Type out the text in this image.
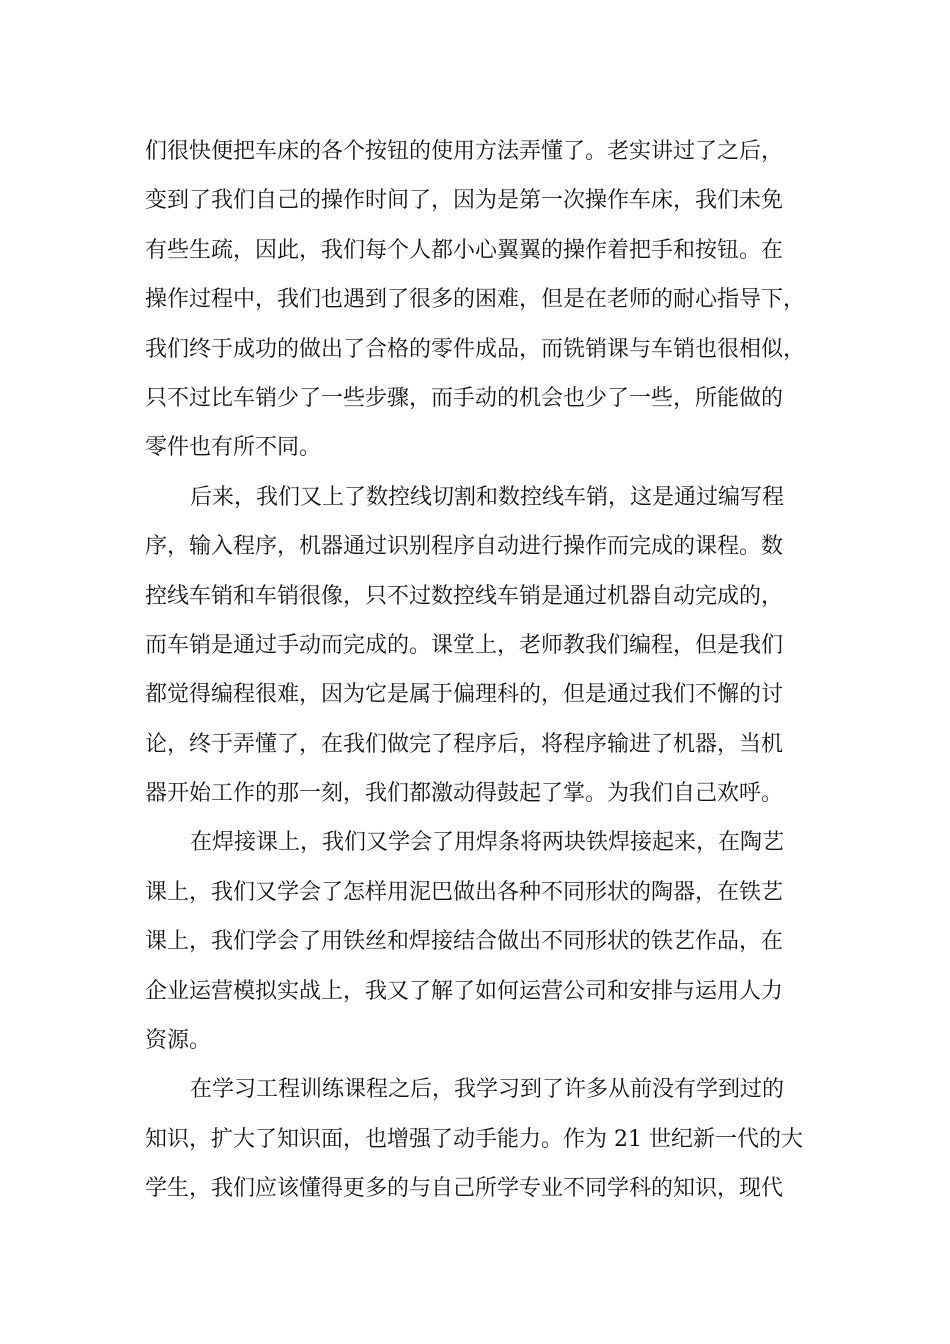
们很快便把车床的各个按钮的使用方法弄懂了。老实讲过了之后，
变到了我们自己的操作时间了，因为是第一次操作车床，我们未免
有些生疏，因此，我们每个人都小心翼翼的操作着把手和按钮。在
操作过程中，我们也遇到了很多的困难，但是在老师的耐心指导下，
我们终于成功的做出了合格的零件成品，而铣销课与车销也很相似，
只不过比车销少了一些步骤，而手动的机会也少了一些，所能做的
零件也有所不同。
后来，我们又上了数控线切割和数控线车销，这是通过编写程
序，输入程序，机器通过识别程序自动进行操作而完成的课程。数
控线车销和车销很像，只不过数控线车销是通过机器自动完成的，
而车销是通过手动而完成的。课堂上，老师教我们编程，但是我们
都觉得编程很难，因为它是属于偏理科的，但是通过我们不懈的讨
论，终于弄懂了，在我们做完了程序后，将程序输进了机器，当机
器开始工作的那一刻，我们都激动得鼓起了掌。为我们自己欢呼。
在焊接课上，我们又学会了用焊条将两块铁焊接起来，在陶艺
课上，我们又学会了怎样用泥巴做出各种不同形状的陶器，在铁艺
课上，我们学会了用铁丝和焊接结合做出不同形状的铁艺作品，在
企业运营模拟实战上，我又了解了如何运营公司和安排与运用人力
资源。
在学习工程训练课程之后，我学习到了许多从前没有学到过的
知识，扩大了知识面，也增强了动手能力。作为 21 世纪新一代的大
学生，我们应该懂得更多的与自己所学专业不同学科的知识，现代
